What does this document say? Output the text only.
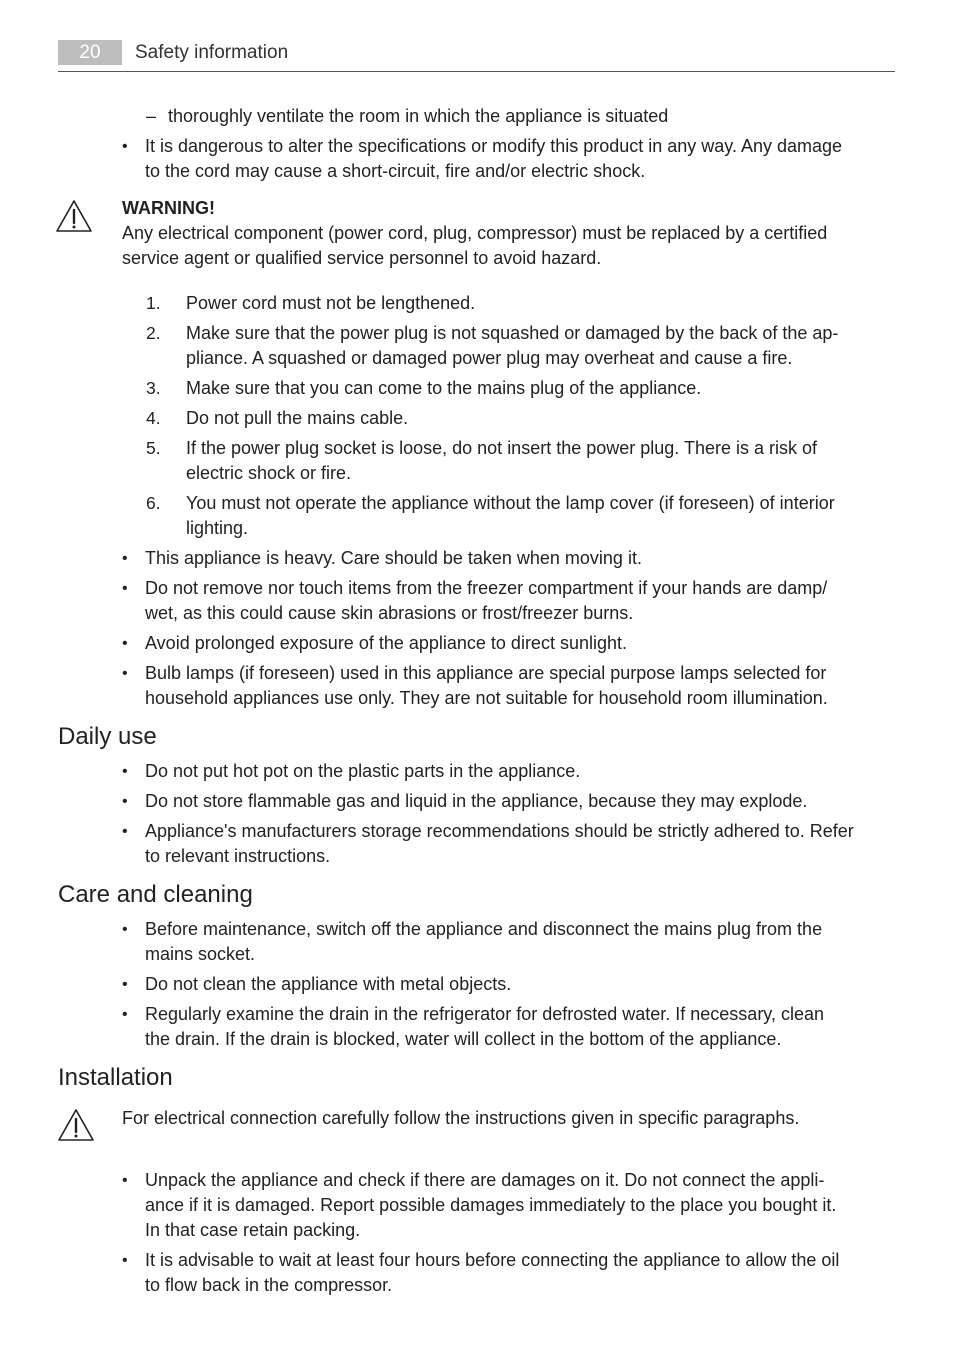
20	Safety information
– thoroughly ventilate the room in which the appliance is situated

• It is dangerous to alter the specifications or modify this product in any way. Any damage

to the cord may cause a short-circuit, fire and/or electric shock.

WARNING!

Any electrical component (power cord, plug, compressor) must be replaced by a certified

service agent or qualified service personnel to avoid hazard.

1. Power cord must not be lengthened.

2. Make sure that the power plug is not squashed or damaged by the back of the ap-

pliance. A squashed or damaged power plug may overheat and cause a fire.

3. Make sure that you can come to the mains plug of the appliance.

4. Do not pull the mains cable.

5. If the power plug socket is loose, do not insert the power plug. There is a risk of

electric shock or fire.

6. You must not operate the appliance without the lamp cover (if foreseen) of interior

lighting.

• This appliance is heavy. Care should be taken when moving it.

• Do not remove nor touch items from the freezer compartment if your hands are damp/

wet, as this could cause skin abrasions or frost/freezer burns.

• Avoid prolonged exposure of the appliance to direct sunlight.

• Bulb lamps (if foreseen) used in this appliance are special purpose lamps selected for

household appliances use only. They are not suitable for household room illumination.

Daily use
• Do not put hot pot on the plastic parts in the appliance.

• Do not store flammable gas and liquid in the appliance, because they may explode.

• Appliance's manufacturers storage recommendations should be strictly adhered to. Refer

to relevant instructions.

Care and cleaning
• Before maintenance, switch off the appliance and disconnect the mains plug from the

mains socket.

• Do not clean the appliance with metal objects.

• Regularly examine the drain in the refrigerator for defrosted water. If necessary, clean

the drain. If the drain is blocked, water will collect in the bottom of the appliance.

Installation

For electrical connection carefully follow the instructions given in specific paragraphs.

• Unpack the appliance and check if there are damages on it. Do not connect the appli-

ance if it is damaged. Report possible damages immediately to the place you bought it.

In that case retain packing.

• It is advisable to wait at least four hours before connecting the appliance to allow the oil

to flow back in the compressor.
